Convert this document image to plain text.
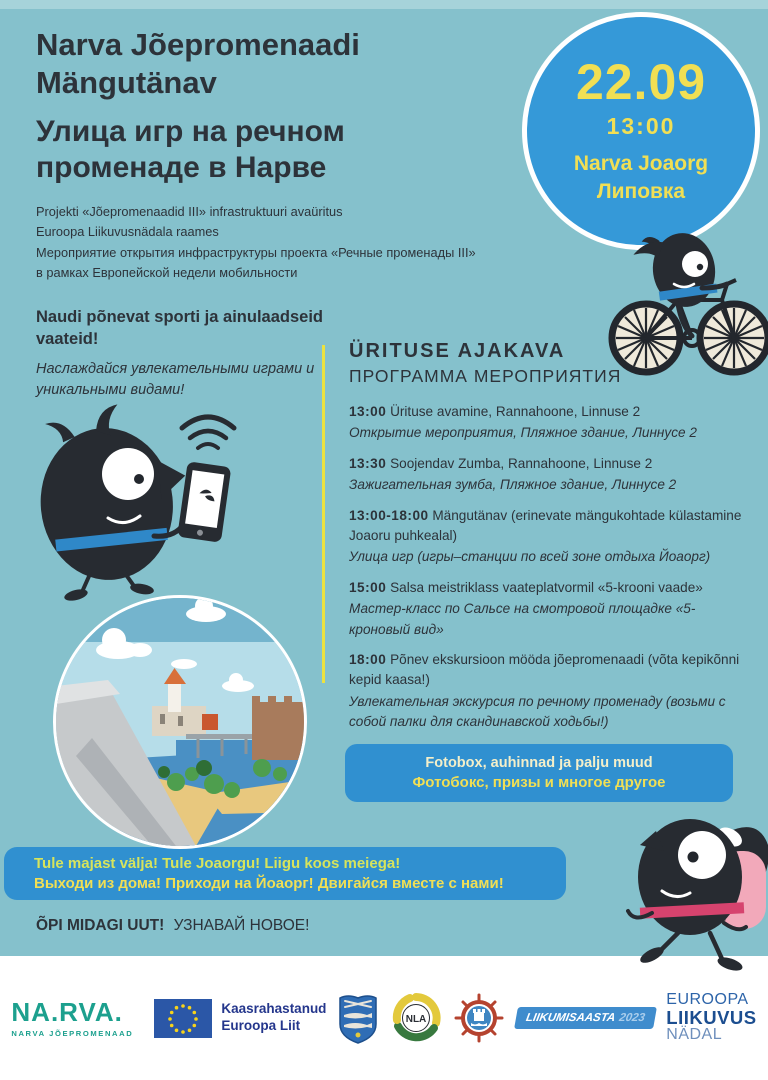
Narva Jõepromenaadi Mängutänav
Улица игр на речном променаде в Нарве

Projekti «Jõepromenaadid III» infrastruktuuri avaüritus

Euroopa Liikuvusnädala raames

Мероприятие открытия инфраструктуры проекта «Речные променады III»

в рамках Европейской недели мобильности

22.09
13:00
Narva Joaorg
Липовка
Naudi põnevat sporti ja ainulaadseid vaateid!
Наслаждайся увлекательными играми и уникальными видами!
ÜRITUSE AJAKAVA
ПРОГРАММА МЕРОПРИЯТИЯ

13:00 Ürituse avamine, Rannahoone, Linnuse 2

Открытие мероприятия, Пляжное здание, Линнусе 2

13:30 Soojendav Zumba, Rannahoone, Linnuse 2

Зажигательная зумба, Пляжное здание, Линнусе 2

13:00-18:00 Mängutänav (erinevate mängukohtade külastamine Joaoru puhkealal)

Улица игр (игры–станции по всей зоне отдыха Йоаорг)

15:00 Salsa meistriklass vaateplatvormil «5-krooni vaade»

Мастер-класс по Сальсе на смотровой площадке «5-кроновый вид»

18:00 Põnev ekskursioon mööda jõepromenaadi (võta kepikõnni kepid kaasa!)

Увлекательная экскурсия по речному променаду (возьми с собой палки для скандинавской ходьбы!)

Fotobox, auhinnad ja palju muud
Фотобокс, призы и многое другое
Tule majast välja! Tule Joaorgu! Liigu koos meiega!
Выходи из дома! Приходи на Йоаорг! Двигайся вместе с нами!
ÕPI MIDAGI UUT! УЗНАВАЙ НОВОЕ!
NA.RVA.
NARVA JÕEPROMENAAD
Kaasrahastanud
Euroopa Liit	NLA	LIIKUMISAASTA 2023
EUROOPA
LIIKUVUS
NÄDAL
